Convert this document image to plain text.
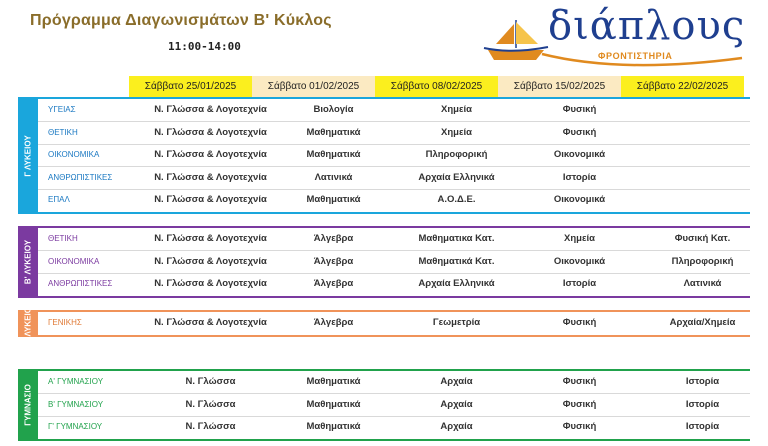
Πρόγραμμα Διαγωνισμάτων Β' Κύκλος
11:00-14:00	διάπλους
ΦΡΟΝΤΙΣΤΗΡΙΑ
Σάββατο 25/01/2025	Σάββατο 01/02/2025	Σάββατο 08/02/2025	Σάββατο 15/02/2025	Σάββατο 22/02/2025
Γ ΛΥΚΕΙΟΥ
ΥΓΕΙΑΣ	Ν. Γλώσσα & Λογοτεχνία	Βιολογία	Χημεία	Φυσική
ΘΕΤΙΚΗ	Ν. Γλώσσα & Λογοτεχνία	Μαθηματικά	Χημεία	Φυσική
ΟΙΚΟΝΟΜΙΚΑ	Ν. Γλώσσα & Λογοτεχνία	Μαθηματικά	Πληροφορική	Οικονομικά
ΑΝΘΡΩΠΙΣΤΙΚΕΣ	Ν. Γλώσσα & Λογοτεχνία	Λατινικά	Αρχαία Ελληνικά	Ιστορία
ΕΠΑΛ	Ν. Γλώσσα & Λογοτεχνία	Μαθηματικά	Α.Ο.Δ.Ε.	Οικονομικά
Β' ΛΥΚΕΙΟΥ
ΘΕΤΙΚΗ	Ν. Γλώσσα & Λογοτεχνία	Άλγεβρα	Μαθηματικα Κατ.	Χημεία	Φυσική Κατ.
ΟΙΚΟΝΟΜΙΚΑ	Ν. Γλώσσα & Λογοτεχνία	Άλγεβρα	Μαθηματικά Κατ.	Οικονομικά	Πληροφορική
ΑΝΘΡΩΠΙΣΤΙΚΕΣ	Ν. Γλώσσα & Λογοτεχνία	Άλγεβρα	Αρχαία Ελληνικά	Ιστορία	Λατινικά
Α' ΛΥΚΕΙΟΥ ΓΕΝΙΚΗΣ	Ν. Γλώσσα & Λογοτεχνία	Άλγεβρα	Γεωμετρία	Φυσική	Αρχαία/Χημεία
ΓΥΜΝΑΣΙΟ
Α' ΓΥΜΝΑΣΙΟΥ	Ν. Γλώσσα	Μαθηματικά	Αρχαία	Φυσική	Ιστορία
Β' ΓΥΜΝΑΣΙΟΥ	Ν. Γλώσσα	Μαθηματικά	Αρχαία	Φυσική	Ιστορία
Γ' ΓΥΜΝΑΣΙΟΥ	Ν. Γλώσσα	Μαθηματικά	Αρχαία	Φυσική	Ιστορία
